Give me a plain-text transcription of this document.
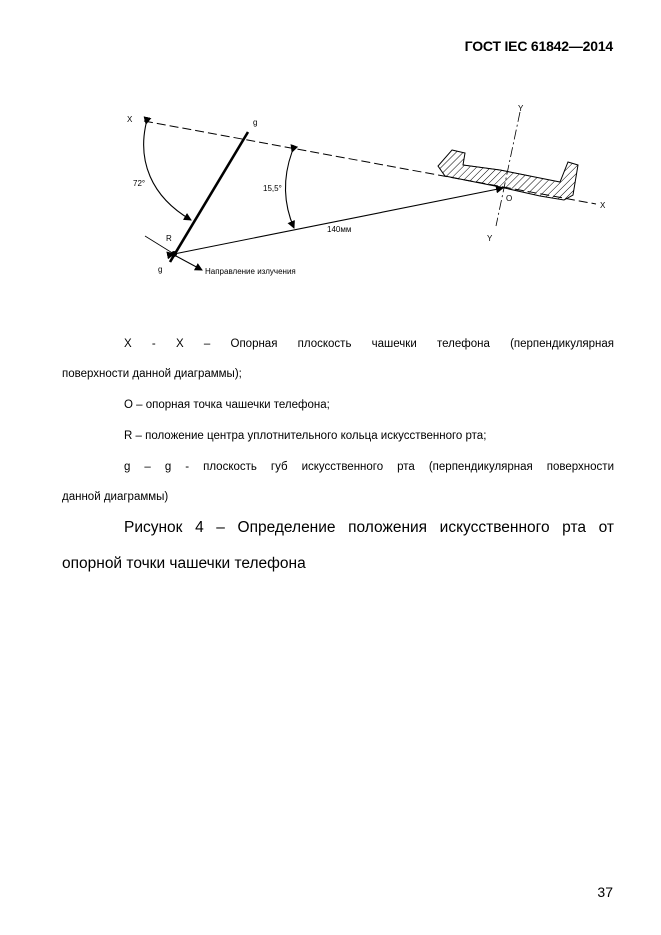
ГОСТ IEC 61842—2014
X
X
Y
Y
g
g
R
O
72°
15,5°
140мм
Направление излучения
X - X – Опорная плоскость чашечки телефона (перпендикулярная
поверхности данной диаграммы);
O – опорная точка чашечки телефона;
R – положение центра уплотнительного кольца искусственного рта;
g – g - плоскость губ искусственного рта (перпендикулярная поверхности
данной диаграммы)
Рисунок 4 – Определение положения искусственного рта от
опорной точки чашечки телефона
37
